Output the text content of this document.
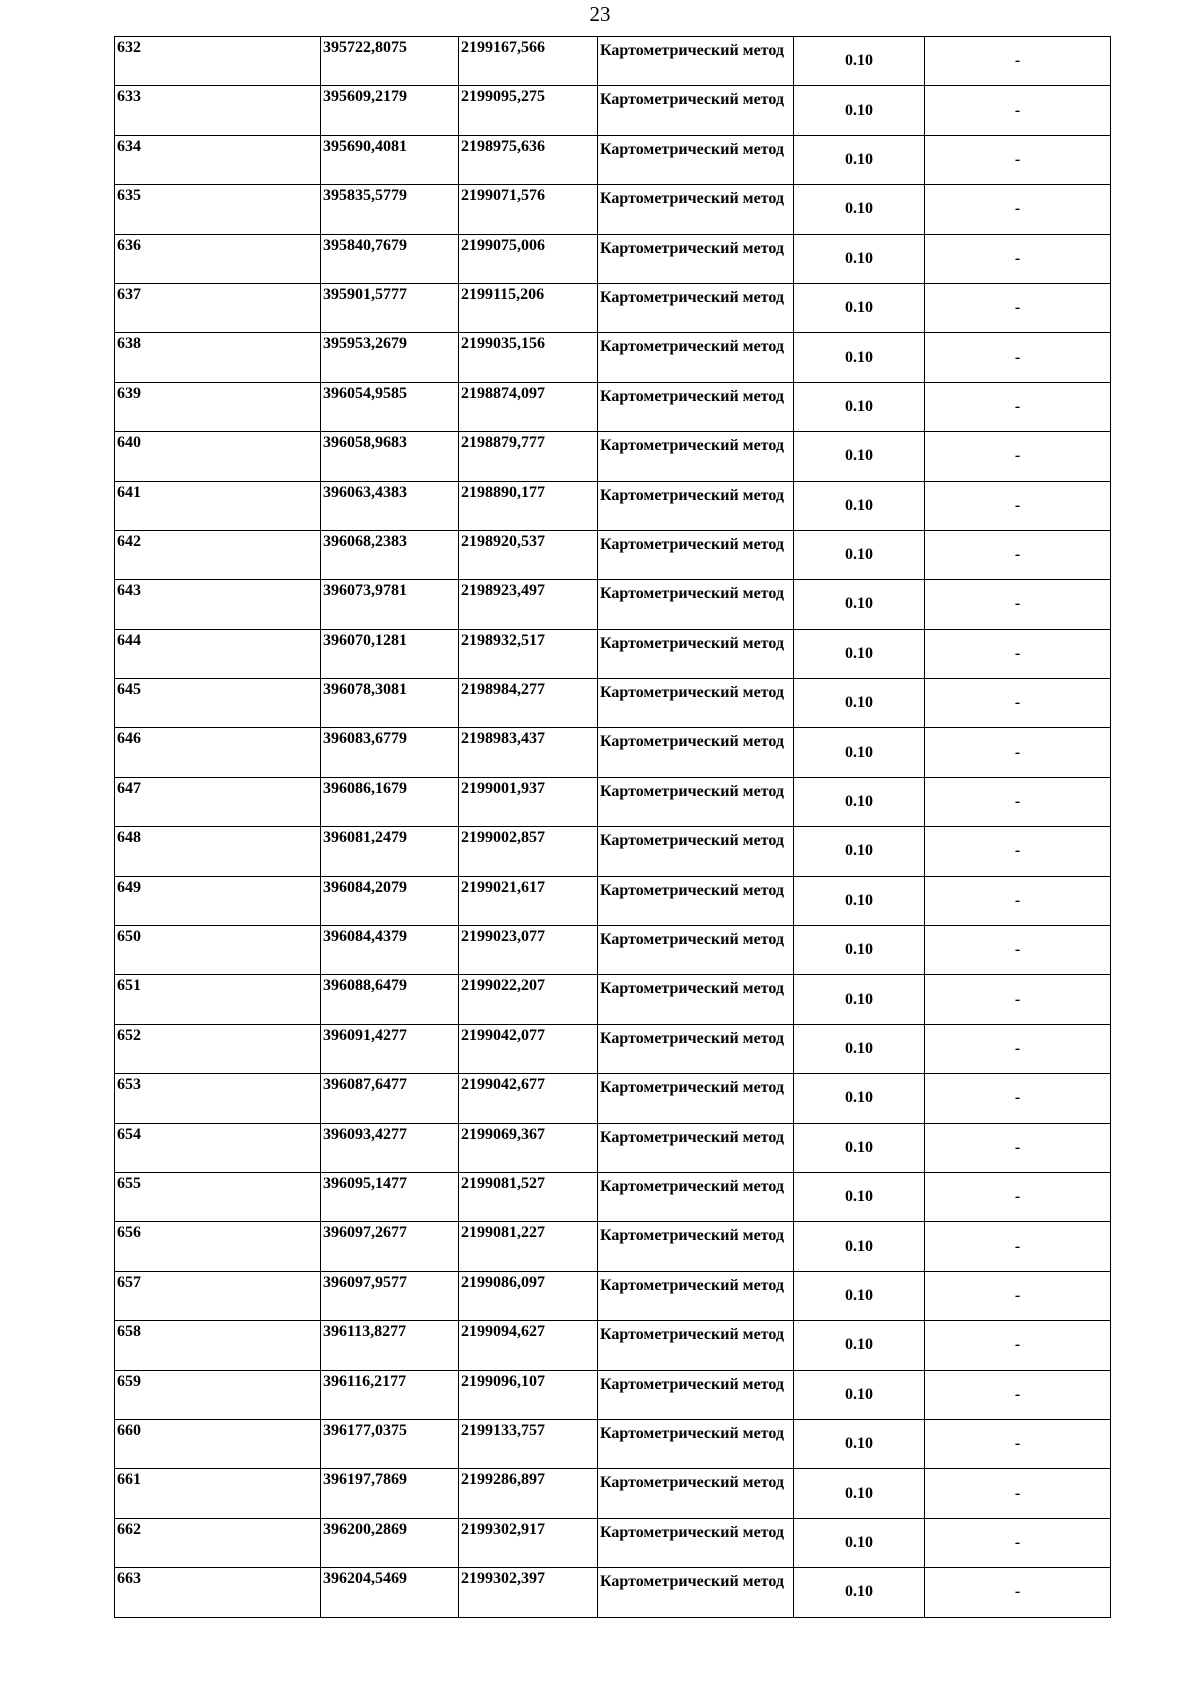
23
632	395722,8075	2199167,566	Картометрический метод	0.10	-
633	395609,2179	2199095,275	Картометрический метод	0.10	-
634	395690,4081	2198975,636	Картометрический метод	0.10	-
635	395835,5779	2199071,576	Картометрический метод	0.10	-
636	395840,7679	2199075,006	Картометрический метод	0.10	-
637	395901,5777	2199115,206	Картометрический метод	0.10	-
638	395953,2679	2199035,156	Картометрический метод	0.10	-
639	396054,9585	2198874,097	Картометрический метод	0.10	-
640	396058,9683	2198879,777	Картометрический метод	0.10	-
641	396063,4383	2198890,177	Картометрический метод	0.10	-
642	396068,2383	2198920,537	Картометрический метод	0.10	-
643	396073,9781	2198923,497	Картометрический метод	0.10	-
644	396070,1281	2198932,517	Картометрический метод	0.10	-
645	396078,3081	2198984,277	Картометрический метод	0.10	-
646	396083,6779	2198983,437	Картометрический метод	0.10	-
647	396086,1679	2199001,937	Картометрический метод	0.10	-
648	396081,2479	2199002,857	Картометрический метод	0.10	-
649	396084,2079	2199021,617	Картометрический метод	0.10	-
650	396084,4379	2199023,077	Картометрический метод	0.10	-
651	396088,6479	2199022,207	Картометрический метод	0.10	-
652	396091,4277	2199042,077	Картометрический метод	0.10	-
653	396087,6477	2199042,677	Картометрический метод	0.10	-
654	396093,4277	2199069,367	Картометрический метод	0.10	-
655	396095,1477	2199081,527	Картометрический метод	0.10	-
656	396097,2677	2199081,227	Картометрический метод	0.10	-
657	396097,9577	2199086,097	Картометрический метод	0.10	-
658	396113,8277	2199094,627	Картометрический метод	0.10	-
659	396116,2177	2199096,107	Картометрический метод	0.10	-
660	396177,0375	2199133,757	Картометрический метод	0.10	-
661	396197,7869	2199286,897	Картометрический метод	0.10	-
662	396200,2869	2199302,917	Картометрический метод	0.10	-
663	396204,5469	2199302,397	Картометрический метод	0.10	-
